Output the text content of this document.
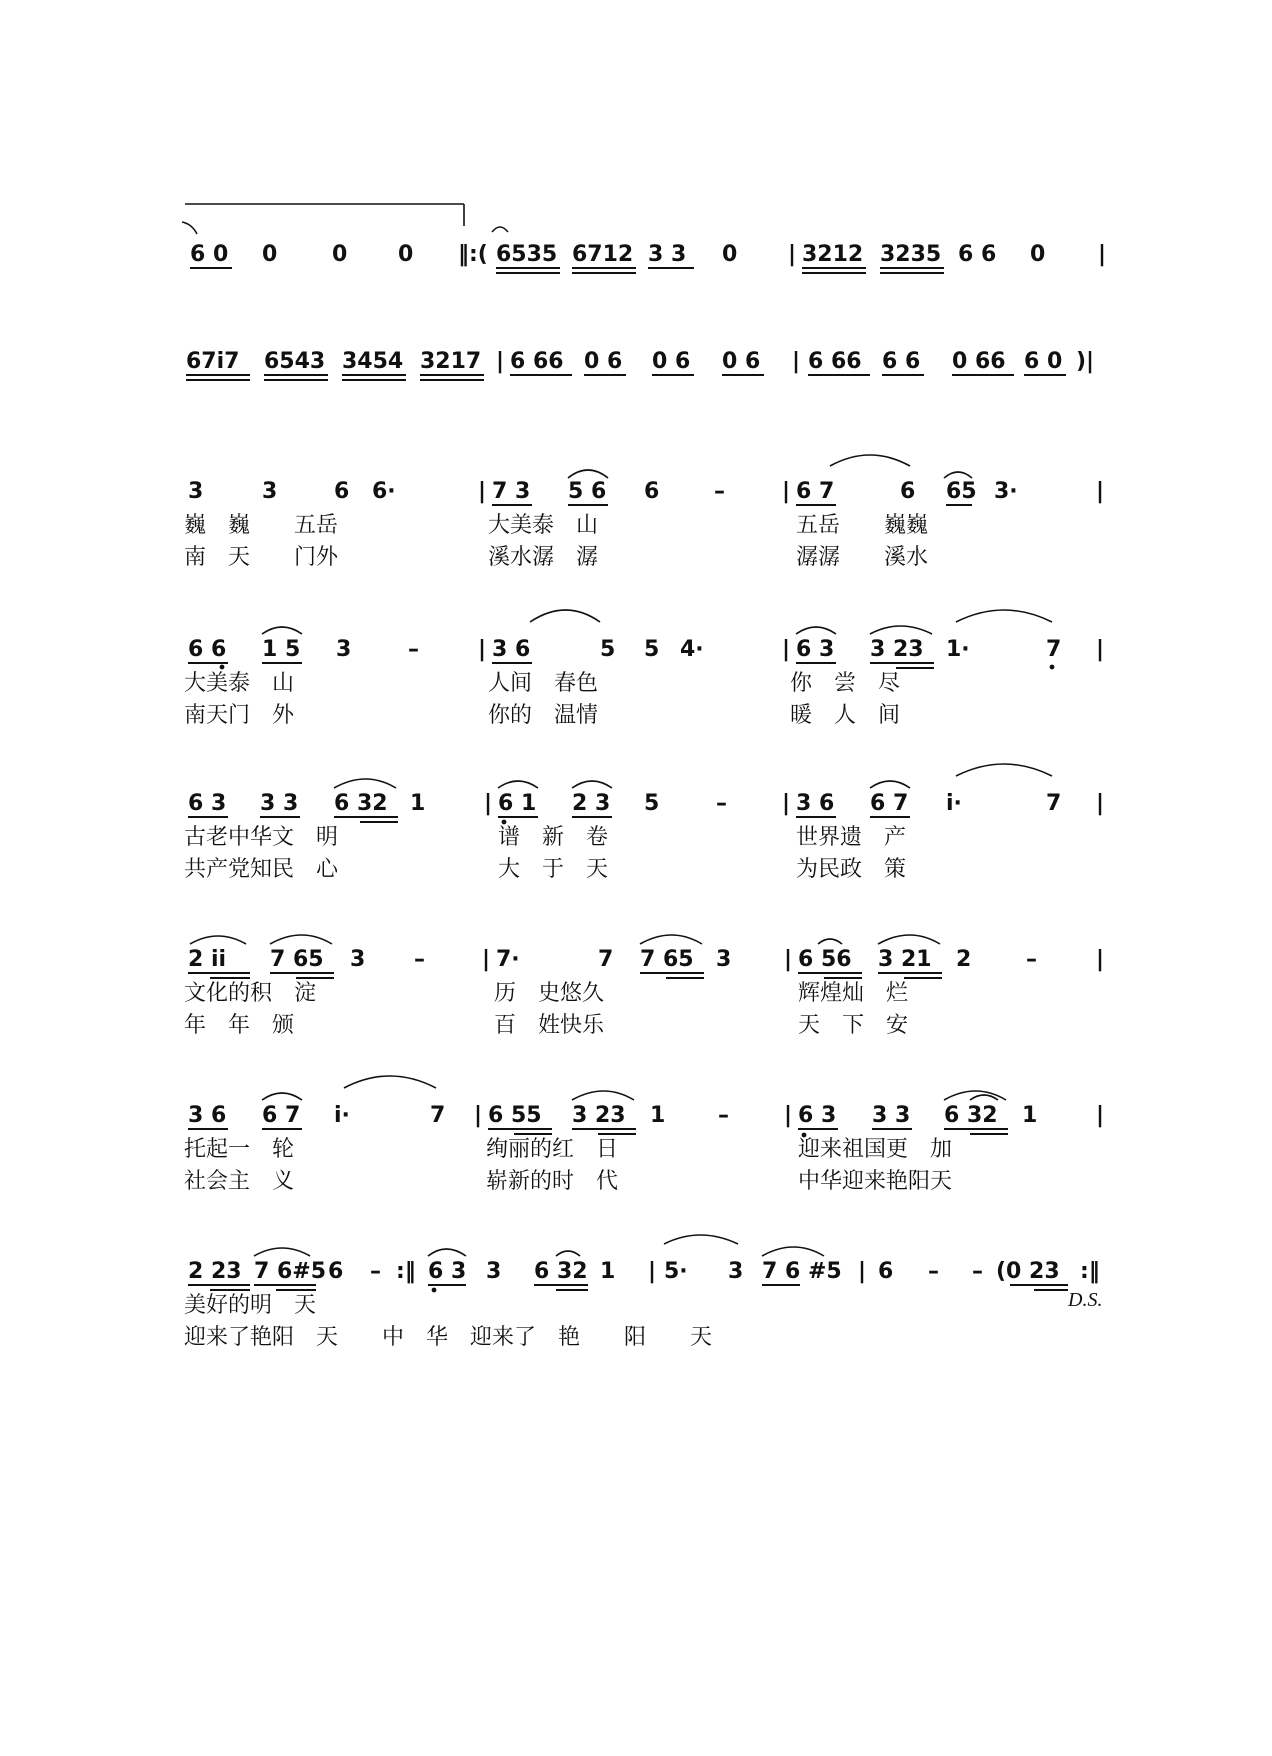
6 0 0 0 0 ‖:( 6535 6712 3 3 0 | 3212 3235 6 6 0 |
67i7 6543 3454 3217 | 6 66 0 6 0 6 0 6 | 6 66 6 6 0 66 6 0 )|
3	3	6 6·	| 7 3 5 6 6 –	| 6 7	6 65 3·	|
巍　巍　　五岳	大美泰　山	五岳　　巍巍
南　天　　门外	溪水潺　潺	潺潺　　溪水
6 6 1 5 3	–	| 3 6	5 5 4·	| 6 3 3 23 1·	7 |
大美泰　山	人间　春色	你　尝　尽
南天门　外	你的　温情	暖　人　间
6 3 3 3 6 32 1	| 6 1 2 3 5	–	| 3 6 6 7 i·	7 |
古老中华文　明	谱　新　卷	世界遗　产
共产党知民　心	大　于　天	为民政　策
2 ii 7 65 3 –	| 7·	7 7 65 3 | 6 56 3 21 2 –	|
文化的积　淀	历　史悠久	辉煌灿　烂
年　年　颁	百　姓快乐	天　下　安
3 6 6 7 i·	7 | 6 55 3 23 1 –	| 6 3 3 3 6 32 1	|
托起一　轮	绚丽的红　日	迎来祖国更　加
社会主　义	崭新的时　代	中华迎来艳阳天
2 23 7 6#5 6 – :‖ 6 3 3 6 32 1 | 5· 3 7 6 #5 | 6 – – (0 23 :‖
D.S.
美好的明　天
迎来了艳阳　天　　中　华　迎来了　艳　　阳　　天
